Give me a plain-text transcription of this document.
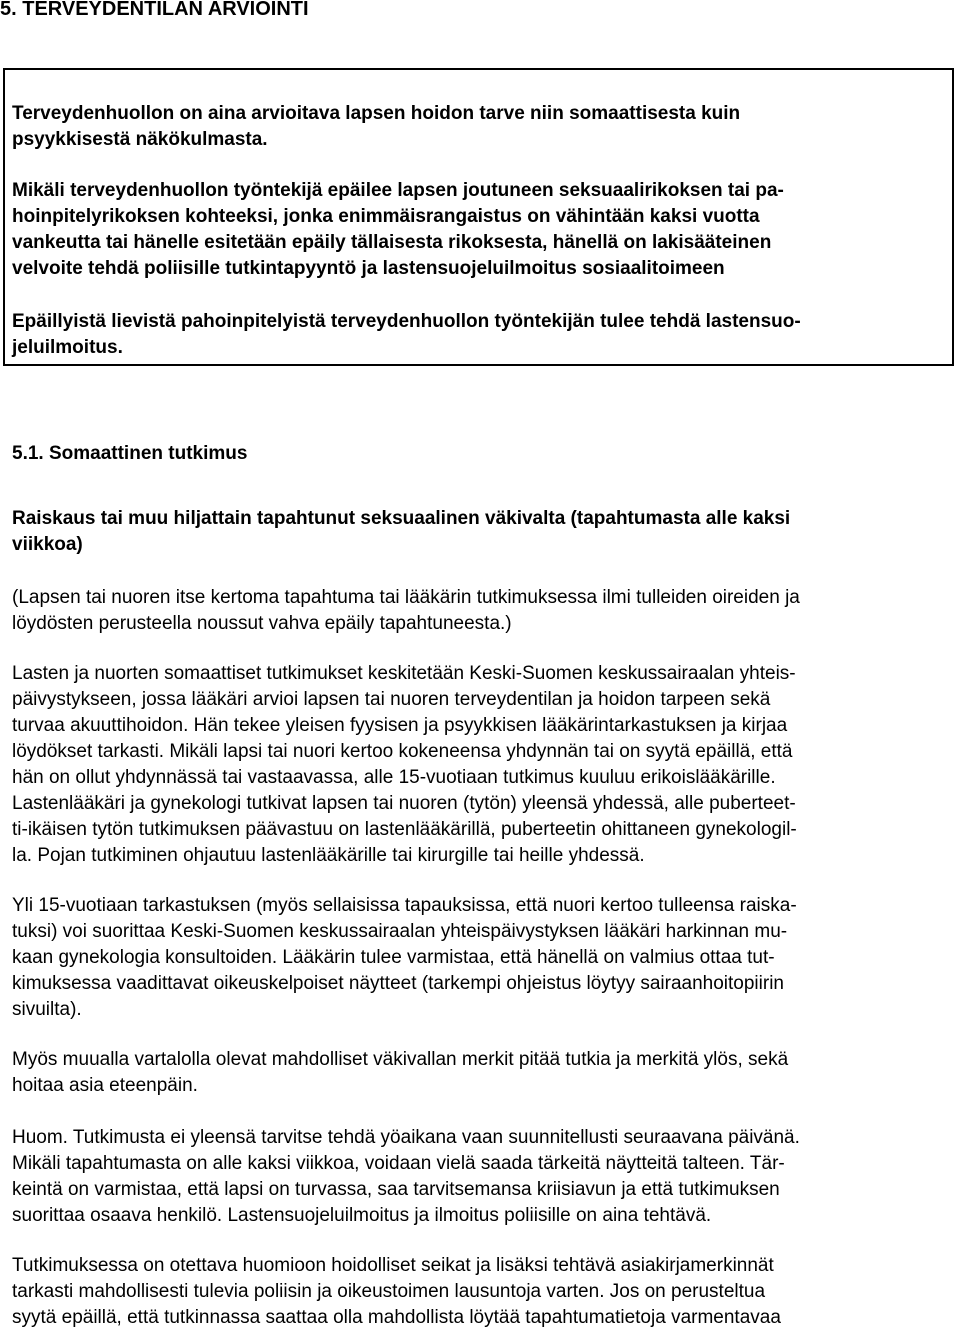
5. TERVEYDENTILAN ARVIOINTI

Terveydenhuollon on aina arvioitava lapsen hoidon tarve niin somaattisesta kuin
psyykkisestä näkökulmasta.

Mikäli terveydenhuollon työntekijä epäilee lapsen joutuneen seksuaalirikoksen tai pa-
hoinpitelyrikoksen kohteeksi, jonka enimmäisrangaistus on vähintään kaksi vuotta
vankeutta tai hänelle esitetään epäily tällaisesta rikoksesta, hänellä on lakisääteinen
velvoite tehdä poliisille tutkintapyyntö ja lastensuojeluilmoitus sosiaalitoimeen

Epäillyistä lievistä pahoinpitelyistä terveydenhuollon työntekijän tulee tehdä lastensuo-
jeluilmoitus.

5.1. Somaattinen tutkimus

Raiskaus tai muu hiljattain tapahtunut seksuaalinen väkivalta (tapahtumasta alle kaksi
viikkoa)

(Lapsen tai nuoren itse kertoma tapahtuma tai lääkärin tutkimuksessa ilmi tulleiden oireiden ja
löydösten perusteella noussut vahva epäily tapahtuneesta.)

Lasten ja nuorten somaattiset tutkimukset keskitetään Keski-Suomen keskussairaalan yhteis-
päivystykseen, jossa lääkäri arvioi lapsen tai nuoren terveydentilan ja hoidon tarpeen sekä
turvaa akuuttihoidon. Hän tekee yleisen fyysisen ja psyykkisen lääkärintarkastuksen ja kirjaa
löydökset tarkasti. Mikäli lapsi tai nuori kertoo kokeneensa yhdynnän tai on syytä epäillä, että
hän on ollut yhdynnässä tai vastaavassa, alle 15-vuotiaan tutkimus kuuluu erikoislääkärille.
Lastenlääkäri ja gynekologi tutkivat lapsen tai nuoren (tytön) yleensä yhdessä, alle puberteet-
ti-ikäisen tytön tutkimuksen päävastuu on lastenlääkärillä, puberteetin ohittaneen gynekologil-
la. Pojan tutkiminen ohjautuu lastenlääkärille tai kirurgille tai heille yhdessä.

Yli 15-vuotiaan tarkastuksen (myös sellaisissa tapauksissa, että nuori kertoo tulleensa raiska-
tuksi) voi suorittaa Keski-Suomen keskussairaalan yhteispäivystyksen lääkäri harkinnan mu-
kaan gynekologia konsultoiden. Lääkärin tulee varmistaa, että hänellä on valmius ottaa tut-
kimuksessa vaadittavat oikeuskelpoiset näytteet (tarkempi ohjeistus löytyy sairaanhoitopiirin
sivuilta).

Myös muualla vartalolla olevat mahdolliset väkivallan merkit pitää tutkia ja merkitä ylös, sekä
hoitaa asia eteenpäin.

Huom. Tutkimusta ei yleensä tarvitse tehdä yöaikana vaan suunnitellusti seuraavana päivänä.
Mikäli tapahtumasta on alle kaksi viikkoa, voidaan vielä saada tärkeitä näytteitä talteen. Tär-
keintä on varmistaa, että lapsi on turvassa, saa tarvitsemansa kriisiavun ja että tutkimuksen
suorittaa osaava henkilö. Lastensuojeluilmoitus ja ilmoitus poliisille on aina tehtävä.

Tutkimuksessa on otettava huomioon hoidolliset seikat ja lisäksi tehtävä asiakirjamerkinnät
tarkasti mahdollisesti tulevia poliisin ja oikeustoimen lausuntoja varten. Jos on perusteltua
syytä epäillä, että tutkinnassa saattaa olla mahdollista löytää tapahtumatietoja varmentavaa
